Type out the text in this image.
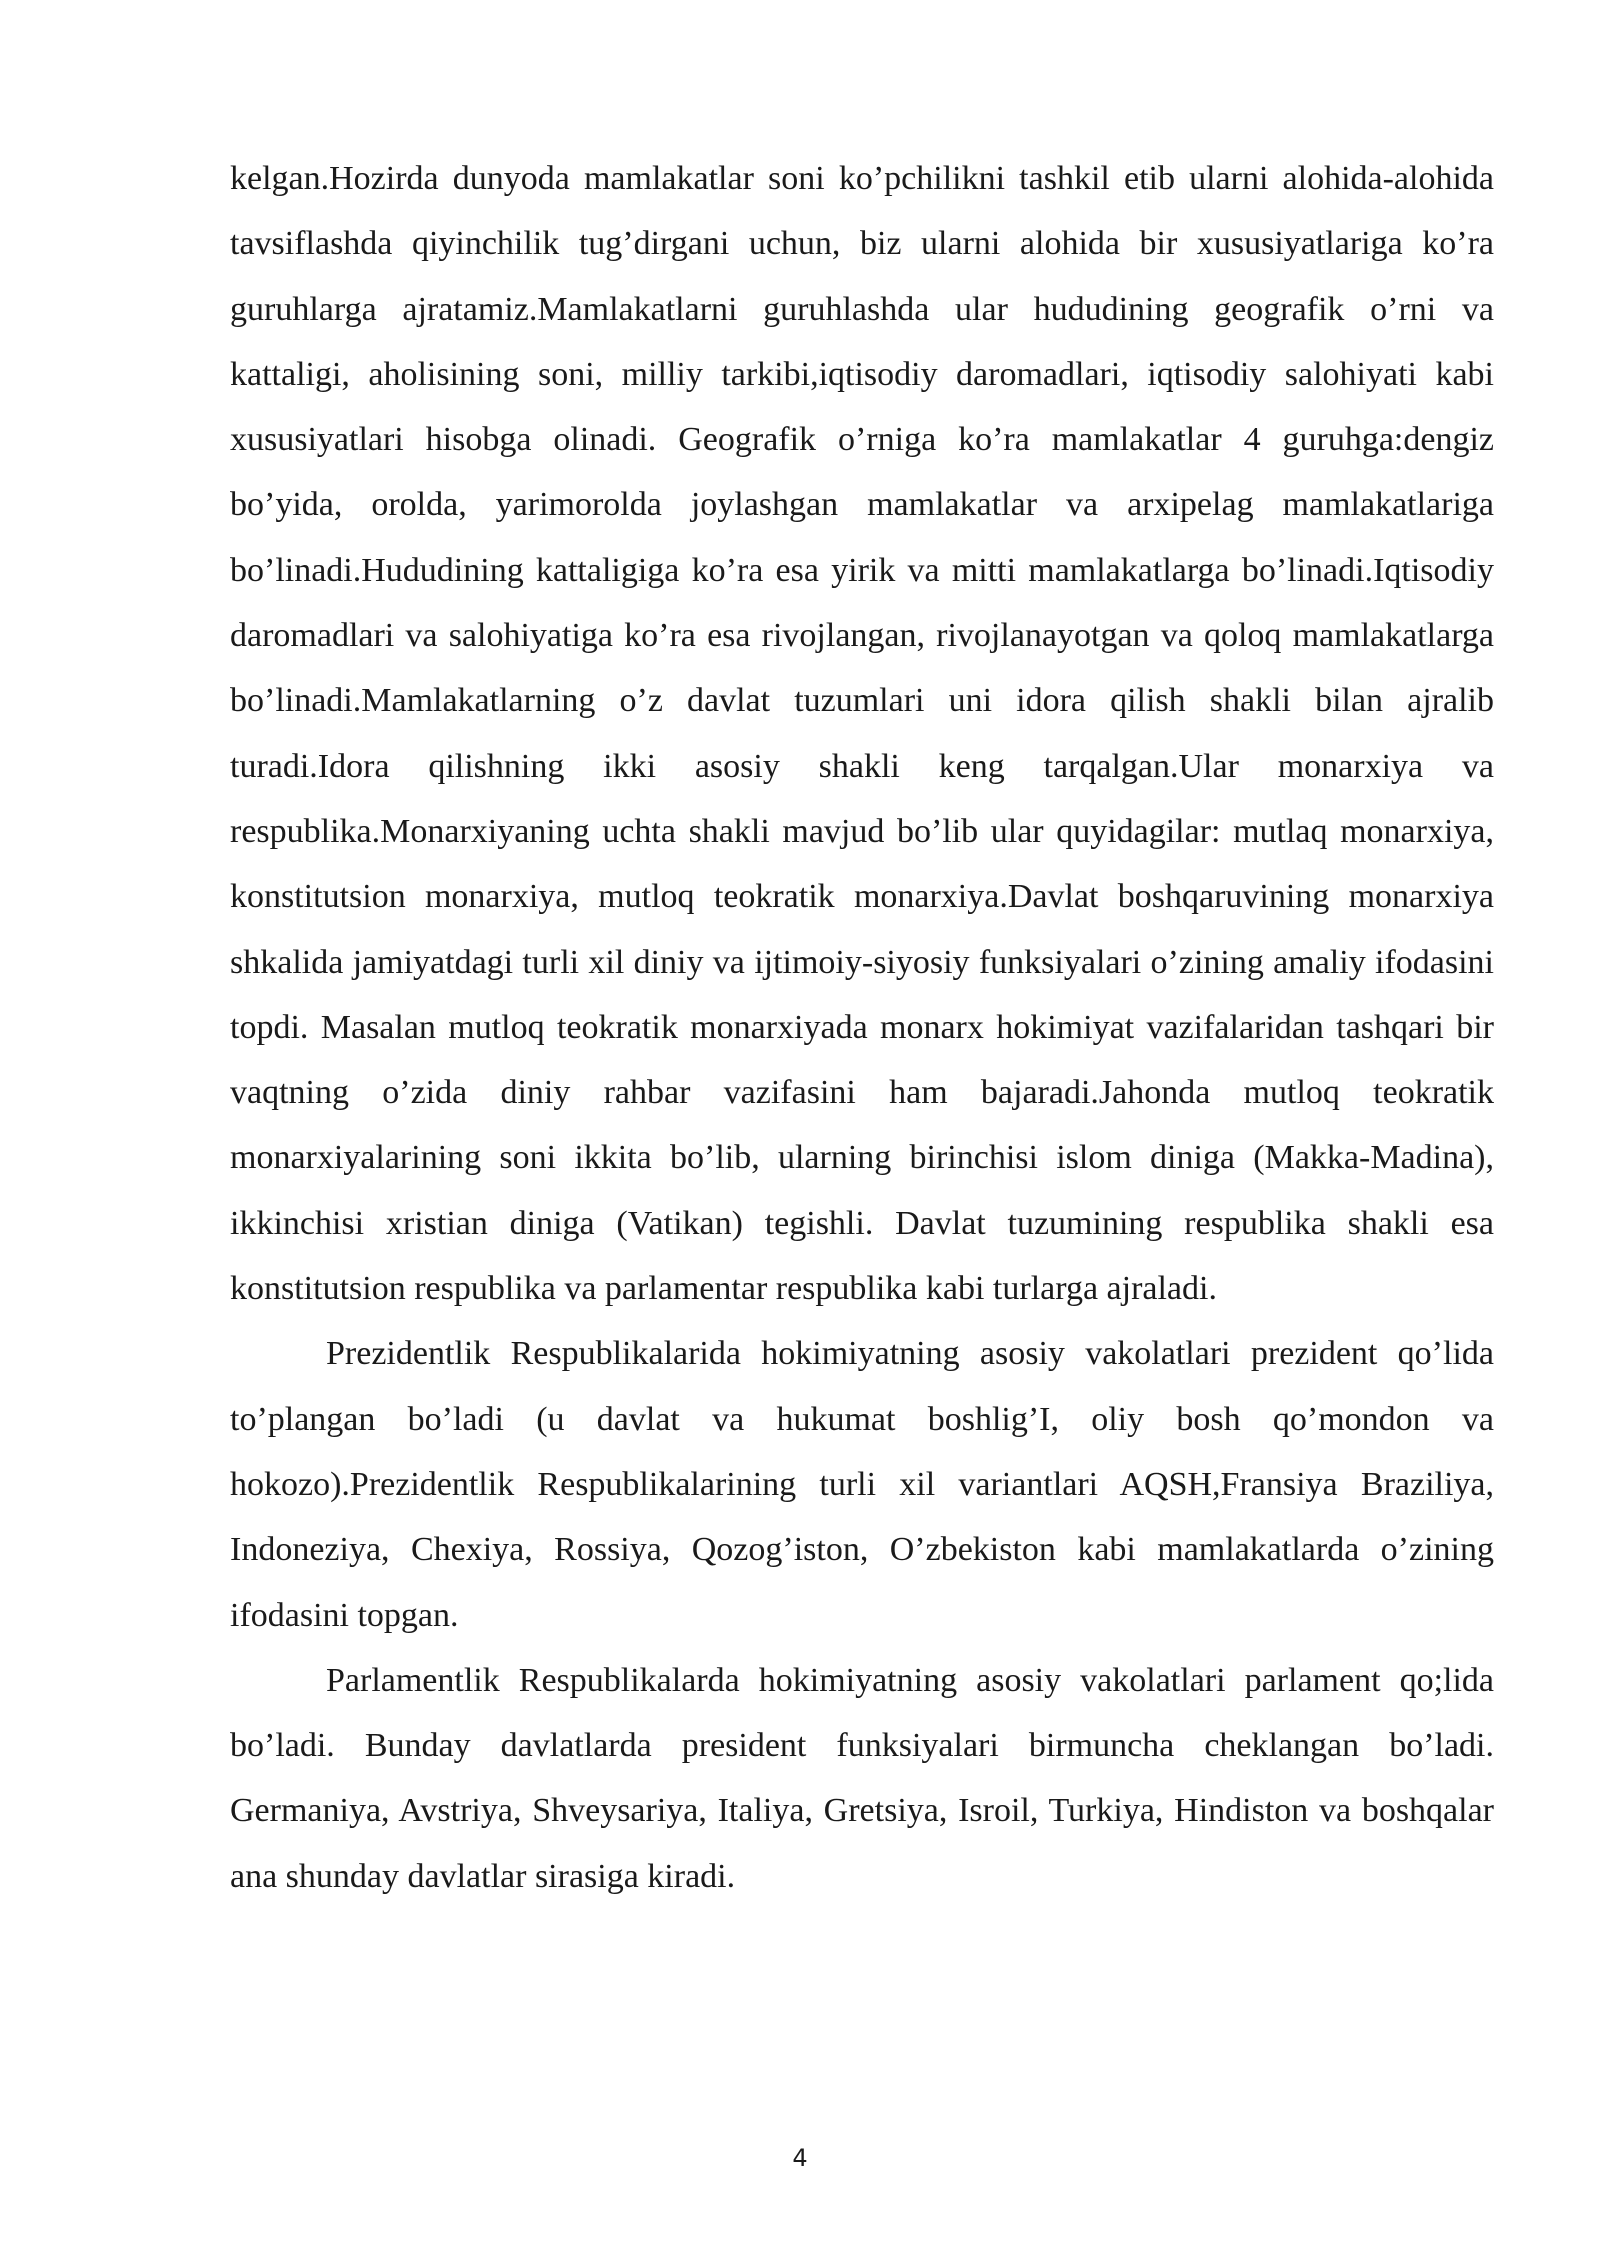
kelgan.Hozirda dunyoda mamlakatlar soni ko’pchilikni tashkil etib ularni alohida-alohida tavsiflashda qiyinchilik tug’dirgani uchun, biz ularni alohida bir xususiyatlariga ko’ra guruhlarga ajratamiz.Mamlakatlarni guruhlashda ular hududining geografik o’rni va kattaligi, aholisining soni, milliy tarkibi,iqtisodiy daromadlari, iqtisodiy salohiyati kabi xususiyatlari hisobga olinadi. Geografik o’rniga ko’ra mamlakatlar 4 guruhga:dengiz bo’yida, orolda, yarimorolda joylashgan mamlakatlar va arxipelag mamlakatlariga bo’linadi.Hududining kattaligiga ko’ra esa yirik va mitti mamlakatlarga bo’linadi.Iqtisodiy daromadlari va salohiyatiga ko’ra esa rivojlangan, rivojlanayotgan va qoloq mamlakatlarga bo’linadi.Mamlakatlarning o’z davlat tuzumlari uni idora qilish shakli bilan ajralib turadi.Idora qilishning ikki asosiy shakli keng tarqalgan.Ular monarxiya va respublika.Monarxiyaning uchta shakli mavjud bo’lib ular quyidagilar: mutlaq monarxiya, konstitutsion monarxiya, mutloq teokratik monarxiya.Davlat boshqaruvining monarxiya shkalida jamiyatdagi turli xil diniy va ijtimoiy-siyosiy funksiyalari o’zining amaliy ifodasini topdi. Masalan mutloq teokratik monarxiyada monarx hokimiyat vazifalaridan tashqari bir vaqtning o’zida diniy rahbar vazifasini ham bajaradi.Jahonda mutloq teokratik monarxiyalarining soni ikkita bo’lib, ularning birinchisi islom diniga (Makka-Madina), ikkinchisi xristian diniga (Vatikan) tegishli. Davlat tuzumining respublika shakli esa konstitutsion respublika va parlamentar respublika kabi turlarga ajraladi.

Prezidentlik Respublikalarida hokimiyatning asosiy vakolatlari prezident qo’lida to’plangan bo’ladi (u davlat va hukumat boshlig’I, oliy bosh qo’mondon va hokozo).Prezidentlik Respublikalarining turli xil variantlari AQSH,Fransiya Braziliya, Indoneziya, Chexiya, Rossiya, Qozog’iston, O’zbekiston kabi mamlakatlarda o’zining ifodasini topgan.

Parlamentlik Respublikalarda hokimiyatning asosiy vakolatlari parlament qo;lida bo’ladi. Bunday davlatlarda president funksiyalari birmuncha cheklangan bo’ladi. Germaniya, Avstriya, Shveysariya, Italiya, Gretsiya, Isroil, Turkiya, Hindiston va boshqalar ana shunday davlatlar sirasiga kiradi.

4
